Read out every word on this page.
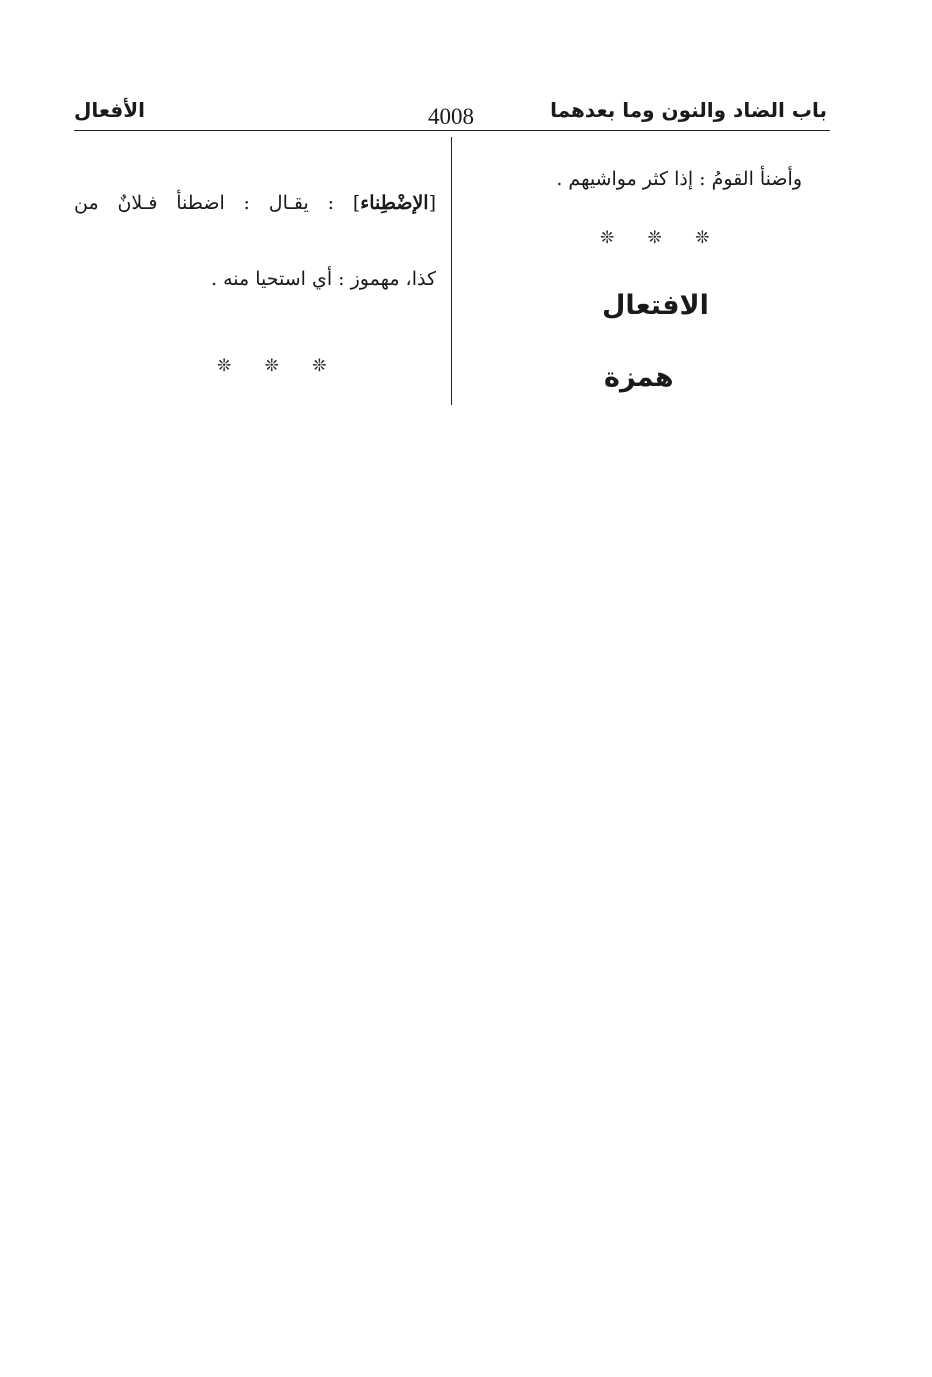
باب الضاد والنون وما بعدهما
4008
الأفعال
وأضنأ القومُ : إذا كثر مواشيهم .
❊ ❊ ❊
الافتعال
همزة
[الإضْطِناء] : يقـال : اضطنأ فـلانٌ من
كذا، مهموز : أي استحيا منه .
❊ ❊ ❊
